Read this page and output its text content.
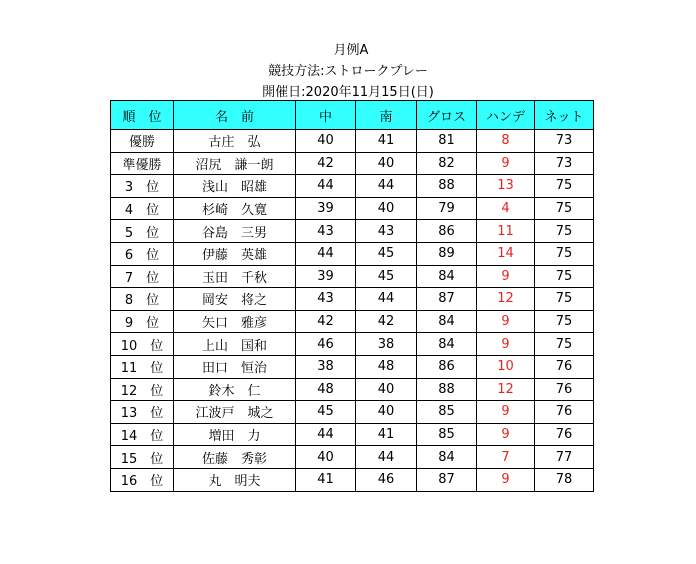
月例A
競技方法:ストロークプレー
開催日:2020年11月15日(日)
順　位	名　前	中	南	グロス	ハンデ	ネット
優勝	古庄　弘	40	41	81	8	73
準優勝	沼尻　謙一朗	42	40	82	9	73
3　位	浅山　昭雄	44	44	88	13	75
4　位	杉崎　久寛	39	40	79	4	75
5　位	谷島　三男	43	43	86	11	75
6　位	伊藤　英雄	44	45	89	14	75
7　位	玉田　千秋	39	45	84	9	75
8　位	岡安　将之	43	44	87	12	75
9　位	矢口　雅彦	42	42	84	9	75
10　位	上山　国和	46	38	84	9	75
11　位	田口　恒治	38	48	86	10	76
12　位	鈴木　仁	48	40	88	12	76
13　位	江波戸　城之	45	40	85	9	76
14　位	増田　力	44	41	85	9	76
15　位	佐藤　秀彰	40	44	84	7	77
16　位	丸　明夫	41	46	87	9	78
